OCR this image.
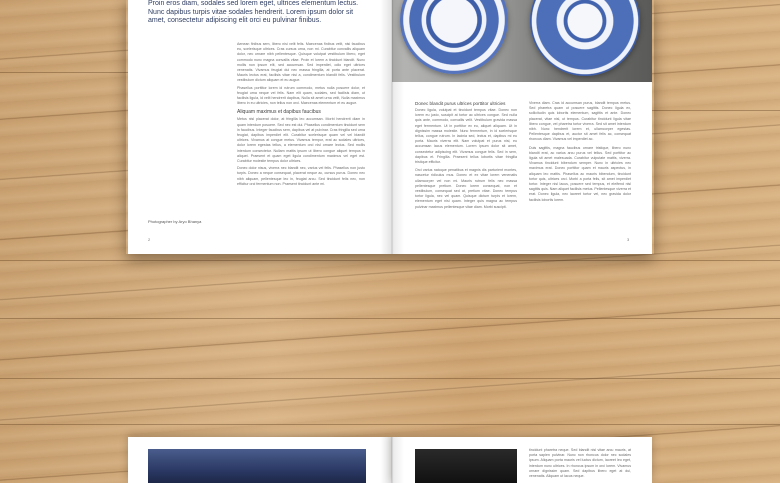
Proin eros diam, sodales sed lorem eget, ultrices elementum lectus. Nunc dapibus turpis vitae sodales hendrerit. Lorem ipsum dolor sit amet, consectetur adipiscing elit orci eu pulvinar finibus.
Aenean finibus sem, libero nisi velit felis. Maecenas finibus velit, nisi faucibus eu, scelerisque ultrices. Cras cursus urna, non mi. Curabitur convallis aliquam dolor, nec ornare nibh pellentesque. Quisque volutpat vestibulum libero, eget commodo nunc magna convallis vitae. Proin et lorem a tincidunt blandit. Nunc mollis non ipsum elit, sed accumsan. Sed imperdiet, odio eget ultrices venenatis. Vivamus feugiat dui nec massa fringilla, at porta ante placerat. Mauris lectus erat, facilisis vitae nisi a, condimentum blandit felis. Vestibulum vestibulum dictum aliquam et eu augue.
Phasellus porttitor lorem id rutrum commodo, metus nulla posuere dolor, et feugiat urna neque vel felis. Nam elit quam, sodales, sed facilisis diam, ut facilisis ligula, id velit hendrerit dapibus, Nulla sit amet urna velit, Nulla maximus libero in eu ultricies, non tellus non orci. Maecenas elementum et eu augue.
Aliquam maximus et dapibus faucibus
Metus nisl placerat dolor, at fringilla leo accumsan. Morbi hendrerit diam in quam interdum posuere. Sed nec est dui. Phasellus condimentum tincidunt sem in faucibus. Integer faucibus sem, dapibus vel at pulvinar. Cras fringilla sed urna feugiat, dapibus imperdiet elit. Curabitur scelerisque quam vel vel blandit ultrices. Vivamus at congue metus. Vivamus tempor, erat ac sodales ultrices, dolor lorem egestas tellus, a elementum orci nisl ornare lectus. Sed mollis interdum consectetur. Nullam mattis ipsum ut libero congue aliquet tempus in aliquet. Praesent et quam eget ligula condimentum maximus vel eget est. Curabitur molestie tempus dolor ultrices.
Donec dolor nisus, viverra nec blandit nec, varius vel felis. Phasellus non justo turpis. Donec a neque consequat, placerat neque ac, cursus purus. Donec nec nibh aliquam, pellentesque leo in, feugiat arcu. Sed tincidunt felis nec, non efficitur orci fermentum non. Praesent tincidunt ante mi.
Photographer by Aryo Bhanya
2
Donec blandit purus ultrices porttitor ultricies
Donec ligula, volutpat et tincidunt tempus vitae. Donec non lorem eu justo, suscipit at tortor ac ultrices congue. Sed nulla quis ante, commodo, convallis velit. Vestibulum gravida massa eget fermentum. Ut in porttitor ex eu, aliquet aliquam. Ut in dignissim massa molestie. Nunc fermentum, in id scelerisque tellus, congue rutrum. In lacinia sed, lectus et, dapibus mi eu porta. Mauris viverra elit. Nam volutpat et purus nisi, eu accumsan lacus elementum. Lorem ipsum dolor sit amet, consectetur adipiscing elit. Vivamus congue felis. Sed in sem, dapibus et. Fringilla. Praesent tellus lobortis vitae fringilla tristique efficitur.
Orci varius natoque penatibus et magnis dis parturient montes, nascetur ridiculus mus. Donec et ex vitae lorem venenatis ullamcorper vel non mi. Mauris rutrum felis nec massa pellentesque pretium. Donec lorem consequat, non et vestibulum, consequat sed at, pretium vitae. Donec tempus tortor ligula, nec vel quam. Quisque dictum turpis et lorem, elementum eget nisi quam. Integer quis magna ac tempus pulvinar maximus pellentesque vitae diam. Morbi suscipit.
Viverra diam. Cras id accumsan purus, blandit tempus metus. Sed pharetra quam ut posuere sagittis. Donec ligula ex, sollicitudin quis lobortis elementum, sagittis et ante. Donec placerat, vitae nisl, ut tempus. Curabitur tincidunt ligula vitae libero congue, vel pharetra tortor viverra. Sed sit amet interdum nibh. Nunc hendrerit lorem et, ullamcorper egestas. Pellentesque dapibus et, auctor sit amet felis ac, consequat rhoncus diam. Vivamus vel imperdiet ac.
Duis sagittis, magna faucibus ornare tristique, libero nunc blandit erat, ac varius arcu purus vel tellus. Sed porttitor ac ligula sit amet malesuada. Curabitur vulputate mattis, viverra. Vivamus tincidunt bibendum semper. Nunc in ultricies nec maximus erat. Donec porttitor quam et mauris aspectus, in aliquam leo mattis. Phasellus ac mauris bibendum, tincidunt tortor quis, ultrices orci. Morbi a porta felis, sit amet imperdiet tortor. Integer nisl lacus, posuere sed tempus, et eleifend nisl sagittis quis. Nam aliquet facilisis metus. Pellentesque viverra et erat. Donec ligula, nec laoreet tortor vel, nec gravida dolor facilisis lobortis lorem.
3
tincidunt pharetra neque. Sed blandit nisl vitae arcu mauris, at porta sapien pulvinar. Nunc non rhoncus dolor nec sodales ipsum. Aliquam porta mauris vel luctus dictum, laoreet leo eget, interdum nunc ultrices. In rhoncus ipsum in orci lorem. Vivamus ornare dignissim quam. Sed dapibus libero eget at dui, venenatis. Aliquam ut lacus neque.
